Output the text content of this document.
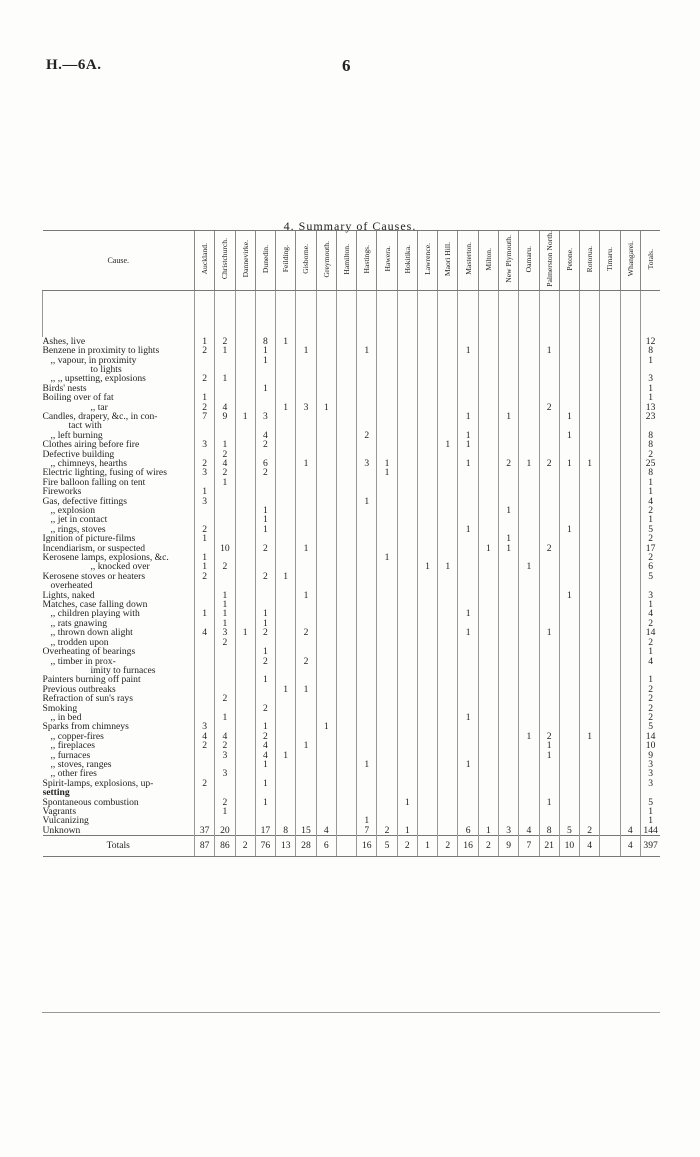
H.—6A.	6
4. Summary of Causes.
Cause.	Auckland.	Christchurch.	Dannevirke.	Dunedin.	Feilding.	Gisborne.	Greymouth.	Hamilton.	Hastings.	Hawera.	Hokitika.	Lawrence.	Maori Hill.	Masterton.	Milton.	New Plymouth.	Oamaru.	Palmerston North.	Petone.	Rotorua.	Timaru.	Whangarei.	Totals.

Ashes, live	1	2		8	1																		12
Benzene in proximity to lights	2	1		1		1			1					1				1					8
,, vapour, in proximity				1																			1
to lights																							
,, ,, upsetting, explosions	2	1																					3
Birds' nests				1																			1
Boiling over of fat	1																						1
,, tar	2	4			1	3	1											2					13
Candles, drapery, &c., in con-	7	9	1	3										1		1			1				23
tact with																							
,, left burning				4					2					1					1				8
Clothes airing before fire	3	1		2									1	1									8
Defective building		2																					2
,, chimneys, hearths	2	4		6		1			3	1				1		2	1	2	1	1			25
Electric lighting, fusing of wires	3	2		2						1													8
Fire balloon falling on tent		1																					1
Fireworks	1																						1
Gas, defective fittings	3								1														4
,, explosion				1												1							2
,, jet in contact				1																			1
,, rings, stoves	2			1										1					1				5
Ignition of picture-films	1															1							2
Incendiarism, or suspected		10		2		1									1	1		2					17
Kerosene lamps, explosions, &c.	1									1													2
,, knocked over	1	2										1	1				1						6
Kerosene stoves or heaters	2			2	1																		5
overheated																							
Lights, naked		1				1													1				3
Matches, case falling down		1																					1
,, children playing with	1	1		1										1									4
,, rats gnawing		1		1																			2
,, thrown down alight	4	3	1	2		2								1				1					14
,, trodden upon		2																					2
Overheating of bearings				1																			1
,, timber in prox-				2		2																	4
imity to furnaces																							
Painters burning off paint				1																			1
Previous outbreaks					1	1																	2
Refraction of sun's rays		2																					2
Smoking				2																			2
,, in bed		1												1									2
Sparks from chimneys	3			1			1																5
,, copper-fires	4	4		2													1	2		1			14
,, fireplaces	2	2		4		1												1					10
,, furnaces		3		4	1													1					9
,, stoves, ranges				1					1					1									3
,, other fires		3																					3
Spirit-lamps, explosions, up-	2			1																			3
setting																							
Spontaneous combustion		2		1							1							1					5
Vagrants		1																					1
Vulcanizing									1														1
Unknown	37	20		17	8	15	4		7	2	1			6	1	3	4	8	5	2		4	144
Totals	87	86	2	76	13	28	6		16	5	2	1	2	16	2	9	7	21	10	4		4	397
